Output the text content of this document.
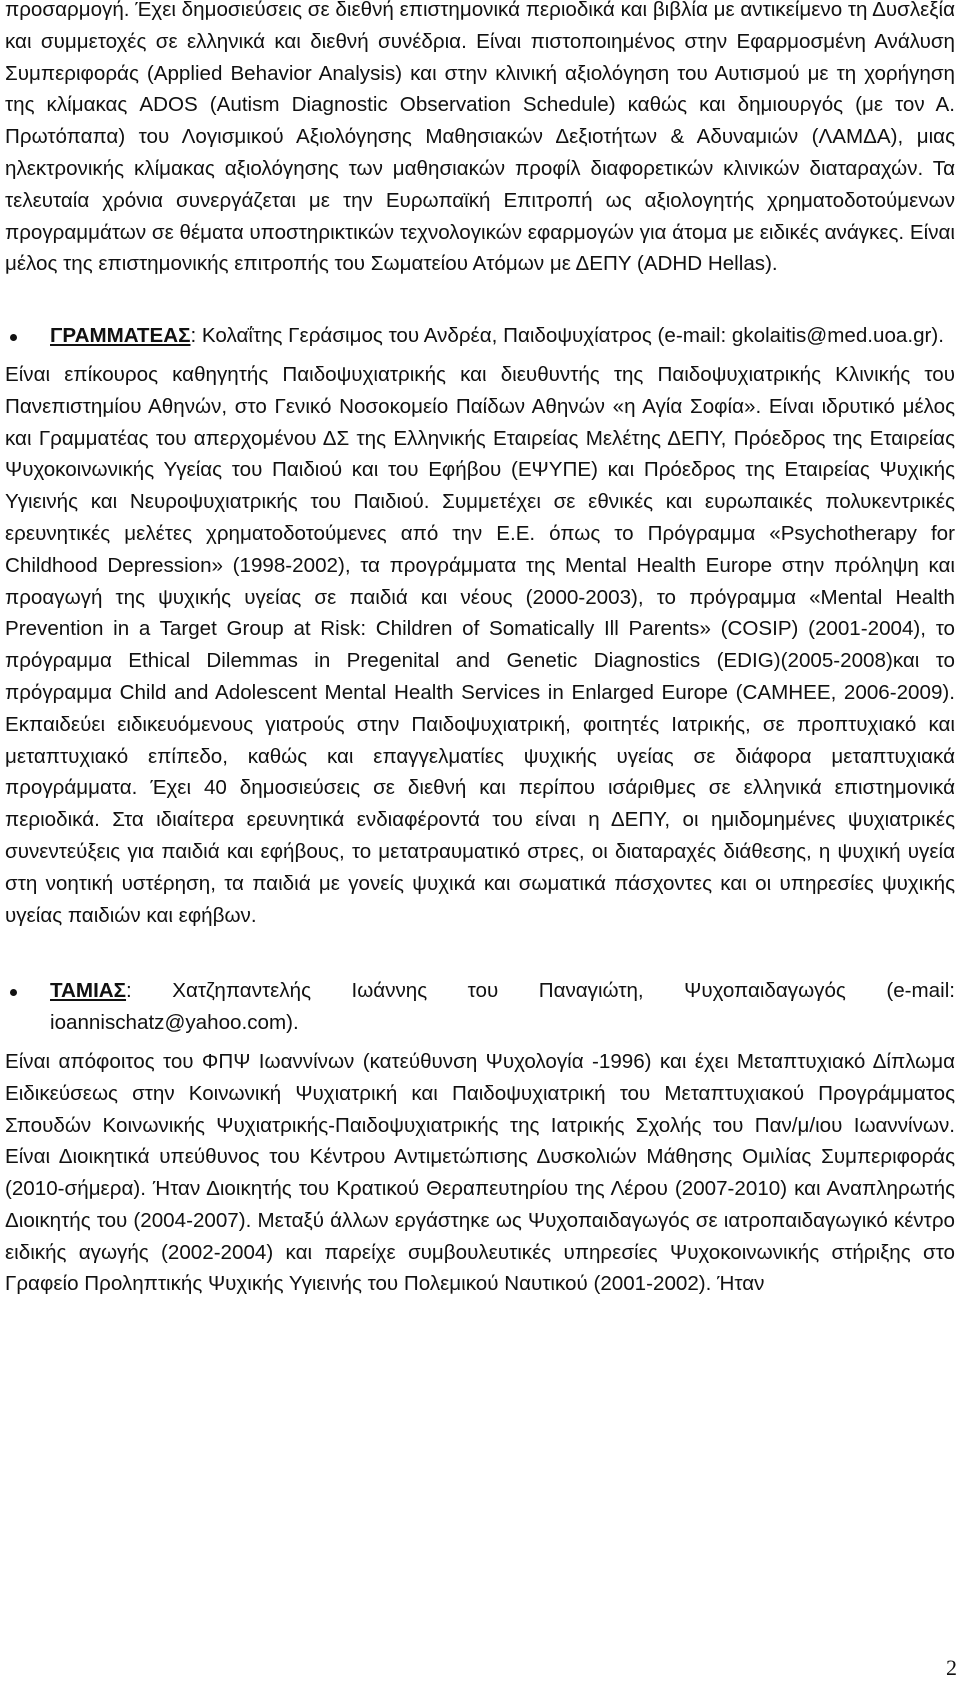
προσαρμογή. Έχει δημοσιεύσεις σε διεθνή επιστημονικά περιοδικά και βιβλία με αντικείμενο τη Δυσλεξία και συμμετοχές σε ελληνικά και διεθνή συνέδρια. Είναι πιστοποιημένος στην Εφαρμοσμένη Ανάλυση Συμπεριφοράς (Applied Behavior Analysis) και στην κλινική αξιολόγηση του Αυτισμού με τη χορήγηση της κλίμακας ADOS (Autism Diagnostic Observation Schedule) καθώς και δημιουργός (με τον Α. Πρωτόπαπα) του Λογισμικού Αξιολόγησης Μαθησιακών Δεξιοτήτων & Αδυναμιών (ΛΑΜΔΑ), μιας ηλεκτρονικής κλίμακας αξιολόγησης των μαθησιακών προφίλ διαφορετικών κλινικών διαταραχών. Τα τελευταία χρόνια συνεργάζεται με την Ευρωπαϊκή Επιτροπή ως αξιολογητής χρηματοδοτούμενων προγραμμάτων σε θέματα υποστηρικτικών τεχνολογικών εφαρμογών για άτομα με ειδικές ανάγκες. Είναι μέλος της επιστημονικής επιτροπής του Σωματείου Ατόμων με ΔΕΠΥ (ADHD Hellas).

ΓΡΑΜΜΑΤΕΑΣ: Κολαΐτης Γεράσιμος του Ανδρέα, Παιδοψυχίατρος (e-mail: gkolaitis@med.uoa.gr).

Είναι επίκουρος καθηγητής Παιδοψυχιατρικής και διευθυντής της Παιδοψυχιατρικής Κλινικής του Πανεπιστημίου Αθηνών, στο Γενικό Νοσοκομείο Παίδων Αθηνών «η Αγία Σοφία». Είναι ιδρυτικό μέλος και Γραμματέας του απερχομένου ΔΣ της Ελληνικής Εταιρείας Μελέτης ΔΕΠΥ, Πρόεδρος της Εταιρείας Ψυχοκοινωνικής Υγείας του Παιδιού και του Εφήβου (ΕΨΥΠΕ) και Πρόεδρος της Εταιρείας Ψυχικής Υγιεινής και Νευροψυχιατρικής του Παιδιού. Συμμετέχει σε εθνικές και ευρωπαικές πολυκεντρικές ερευνητικές μελέτες χρηματοδοτούμενες από την Ε.Ε. όπως το Πρόγραμμα «Psychotherapy for Childhood Depression» (1998-2002), τα προγράμματα της Mental Health Europe στην πρόληψη και προαγωγή της ψυχικής υγείας σε παιδιά και νέους (2000-2003), το πρόγραμμα «Mental Health Prevention in a Target Group at Risk: Children of Somatically Ill Parents» (COSIP) (2001-2004), το πρόγραμμα Ethical Dilemmas in Pregenital and Genetic Diagnostics (EDIG)(2005-2008)και το πρόγραμμα Child and Adolescent Mental Health Services in Enlarged Europe (CAMHEE, 2006-2009). Εκπαιδεύει ειδικευόμενους γιατρούς στην Παιδοψυχιατρική, φοιτητές Ιατρικής, σε προπτυχιακό και μεταπτυχιακό επίπεδο, καθώς και επαγγελματίες ψυχικής υγείας σε διάφορα μεταπτυχιακά προγράμματα. Έχει 40 δημοσιεύσεις σε διεθνή και περίπου ισάριθμες σε ελληνικά επιστημονικά περιοδικά. Στα ιδιαίτερα ερευνητικά ενδιαφέροντά του είναι η ΔΕΠΥ, οι ημιδομημένες ψυχιατρικές συνεντεύξεις για παιδιά και εφήβους, το μετατραυματικό στρες, οι διαταραχές διάθεσης, η ψυχική υγεία στη νοητική υστέρηση, τα παιδιά με γονείς ψυχικά και σωματικά πάσχοντες και οι υπηρεσίες ψυχικής υγείας παιδιών και εφήβων.

ΤΑΜΙΑΣ: Χατζηπαντελής Ιωάννης του Παναγιώτη, Ψυχοπαιδαγωγός (e-mail: ioannischatz@yahoo.com).

Είναι απόφοιτος του ΦΠΨ Ιωαννίνων (κατεύθυνση Ψυχολογία -1996) και έχει Μεταπτυχιακό Δίπλωμα Ειδικεύσεως στην Κοινωνική Ψυχιατρική και Παιδοψυχιατρική του Μεταπτυχιακού Προγράμματος Σπουδών Κοινωνικής Ψυχιατρικής-Παιδοψυχιατρικής της Ιατρικής Σχολής του Παν/μ/ιου Ιωαννίνων. Είναι Διοικητικά υπεύθυνος του Κέντρου Αντιμετώπισης Δυσκολιών Μάθησης Ομιλίας Συμπεριφοράς (2010-σήμερα). Ήταν Διοικητής του Κρατικού Θεραπευτηρίου της Λέρου (2007-2010) και Αναπληρωτής Διοικητής του (2004-2007). Μεταξύ άλλων εργάστηκε ως Ψυχοπαιδαγωγός σε ιατροπαιδαγωγικό κέντρο ειδικής αγωγής (2002-2004) και παρείχε συμβουλευτικές υπηρεσίες Ψυχοκοινωνικής στήριξης στο Γραφείο Προληπτικής Ψυχικής Υγιεινής του Πολεμικού Ναυτικού (2001-2002). Ήταν

2
